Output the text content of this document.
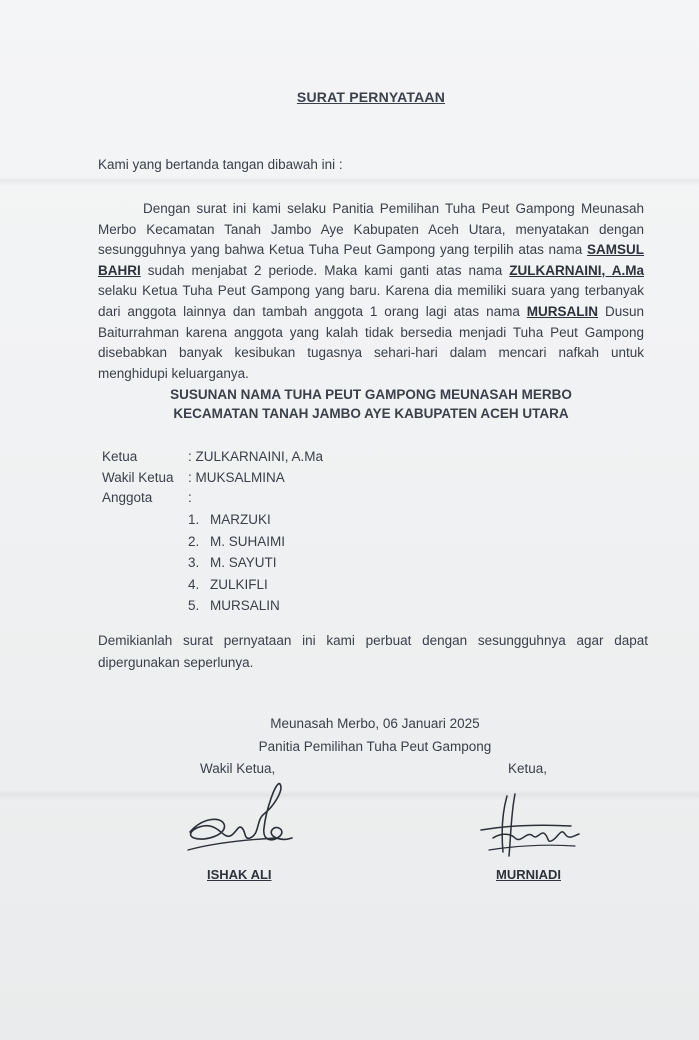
SURAT PERNYATAAN
Kami yang bertanda tangan dibawah ini :
Dengan surat ini kami selaku Panitia Pemilihan Tuha Peut Gampong Meunasah Merbo Kecamatan Tanah Jambo Aye Kabupaten Aceh Utara, menyatakan dengan sesungguhnya yang bahwa Ketua Tuha Peut Gampong yang terpilih atas nama SAMSUL BAHRI sudah menjabat 2 periode. Maka kami ganti atas nama ZULKARNAINI, A.Ma selaku Ketua Tuha Peut Gampong yang baru. Karena dia memiliki suara yang terbanyak dari anggota lainnya dan tambah anggota 1 orang lagi atas nama MURSALIN Dusun Baiturrahman karena anggota yang kalah tidak bersedia menjadi Tuha Peut Gampong disebabkan banyak kesibukan tugasnya sehari-hari dalam mencari nafkah untuk menghidupi keluarganya.
SUSUNAN NAMA TUHA PEUT GAMPONG MEUNASAH MERBO
KECAMATAN TANAH JAMBO AYE KABUPATEN ACEH UTARA
Ketua	: ZULKARNAINI, A.Ma
Wakil Ketua : MUKSALMINA
Anggota	:
1. MARZUKI
2. M. SUHAIMI
3. M. SAYUTI
4. ZULKIFLI
5. MURSALIN
Demikianlah surat pernyataan ini kami perbuat dengan sesungguhnya agar dapat dipergunakan seperlunya.
Meunasah Merbo, 06 Januari 2025
Panitia Pemilihan Tuha Peut Gampong
Wakil Ketua,	Ketua,
ISHAK ALI	MURNIADI
